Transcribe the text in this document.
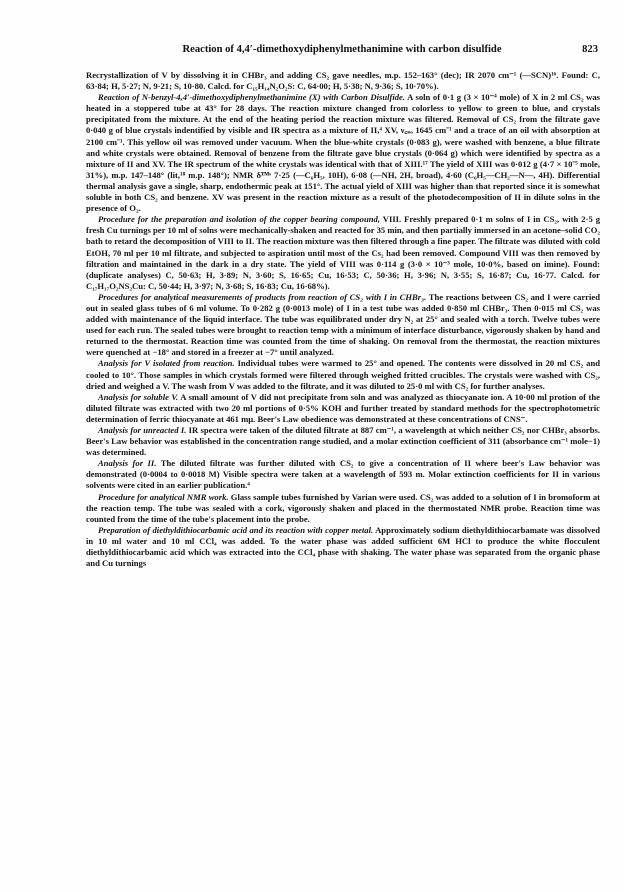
Reaction of 4,4′-dimethoxydiphenylmethanimine with carbon disulfide	823

Recrystallization of V by dissolving it in CHBr₃ and adding CS₂ gave needles, m.p. 152–163° (dec); IR 2070 cm⁻¹ (—SCN)¹⁶. Found: C, 63·84; H, 5·27; N, 9·21; S, 10·80. Calcd. for C₁₅H₁₄N₂O₂S: C, 64·00; H, 5·38; N, 9·36; S, 10·70%).

Reaction of N-benzyl-4,4′-dimethoxydiphenylmethanimine (X) with Carbon Disulfide. A soln of 0·1 g (3 × 10⁻⁴ mole) of X in 2 ml CS₂ was heated in a stoppered tube at 43° for 28 days. The reaction mixture changed from colorless to yellow to green to blue, and crystals precipitated from the mixture. At the end of the heating period the reaction mixture was filtered. Removal of CS₂ from the filtrate gave 0·040 g of blue crystals indentified by visible and IR spectra as a mixture of II,⁴ XV, ν꜀₌ₒ 1645 cm⁻¹ and a trace of an oil with absorption at 2100 cm⁻¹. This yellow oil was removed under vacuum. When the blue-white crystals (0·083 g), were washed with benzene, a blue filtrate and white crystals were obtained. Removal of benzene from the filtrate gave blue crystals (0·064 g) which were identified by spectra as a mixture of II and XV. The IR spectrum of the white crystals was identical with that of XIII.¹⁷ The yield of XIII was 0·012 g (4·7 × 10⁻⁵ mole, 31%), m.p. 147–148° (lit,¹⁸ m.p. 148°); NMR δᵀᴹˢ 7·25 (—C₆H₅, 10H), 6·08 (—NH, 2H, broad), 4·60 (C₆H₅—CH₂—N—, 4H). Differential thermal analysis gave a single, sharp, endothermic peak at 151°. The actual yield of XIII was higher than that reported since it is somewhat soluble in both CS₂ and benzene. XV was present in the reaction mixture as a result of the photodecomposition of II in dilute solns in the presence of O₂.

Procedure for the preparation and isolation of the copper bearing compound, VIII. Freshly prepared 0·1 m solns of I in CS₂, with 2·5 g fresh Cu turnings per 10 ml of solns were mechanically-shaken and reacted for 35 min, and then partially immersed in an acetone–solid CO₂ bath to retard the decomposition of VIII to II. The reaction mixture was then filtered through a fine paper. The filtrate was diluted with cold EtOH, 70 ml per 10 ml filtrate, and subjected to aspiration until most of the Cs₂ had been removed. Compound VIII was then removed by filtration and maintained in the dark in a dry state. The yield of VIII was 0·114 g (3·0 × 10⁻³ mole, 10·0%, based on imine). Found: (duplicate analyses) C, 50·63; H, 3·89; N, 3·60; S, 16·65; Cu, 16·53; C, 50·36; H, 3·96; N, 3·55; S, 16·87; Cu, 16·77. Calcd. for C₁₇H₁₇O₂NS₂Cu: C, 50·44; H, 3·97; N, 3·68; S, 16·83; Cu, 16·68%).

Procedures for analytical measurements of products from reaction of CS₂ with I in CHBr₃. The reactions between CS₂ and I were carried out in sealed glass tubes of 6 ml volume. To 0·282 g (0·0013 mole) of I in a test tube was added 0·850 ml CHBr₃. Then 0·015 ml CS₂ was added with maintenance of the liquid interface. The tube was equilibrated under dry N₂ at 25° and sealed with a torch. Twelve tubes were used for each run. The sealed tubes were brought to reaction temp with a minimum of interface disturbance, vigorously shaken by hand and returned to the thermostat. Reaction time was counted from the time of shaking. On removal from the thermostat, the reaction mixtures were quenched at −18° and stored in a freezer at −7° until analyzed.

Analysis for V isolated from reaction. Individual tubes were warmed to 25° and opened. The contents were dissolved in 20 ml CS₂ and cooled to 10°. Those samples in which crystals formed were filtered through weighed fritted crucibles. The crystals were washed with CS₂, dried and weighed a V. The wash from V was added to the filtrate, and it was diluted to 25·0 ml with CS₂ for further analyses.

Analysis for soluble V. A small amount of V did not precipitate from soln and was analyzed as thiocyanate ion. A 10·00 ml protion of the diluted filtrate was extracted with two 20 ml portions of 0·5% KOH and further treated by standard methods for the spectrophotometric determination of ferric thiocyanate at 461 mμ. Beer's Law obedience was demonstrated at these concentrations of CNS⁻.

Analysis for unreacted I. IR spectra were taken of the diluted filtrate at 887 cm⁻¹, a wavelength at which neither CS₂ nor CHBr₃ absorbs. Beer's Law behavior was established in the concentration range studied, and a molar extinction coefficient of 311 (absorbance cm⁻¹ mole−1) was determined.

Analysis for II. The diluted filtrate was further diluted with CS₂ to give a concentration of II where beer's Law behavior was demonstrated (0·0004 to 0·0018 M) Visible spectra were taken at a wavelength of 593 m. Molar extinction coefficients for II in various solvents were cited in an earlier publication.⁴

Procedure for analytical NMR work. Glass sample tubes furnished by Varian were used. CS₂ was added to a solution of I in bromoform at the reaction temp. The tube was sealed with a cork, vigorously shaken and placed in the thermostated NMR probe. Reaction time was counted from the time of the tube's placement into the probe.

Preparation of diethyldithiocarbamic acid and its reaction with copper metal. Approximately sodium diethyldithiocarbamate was dissolved in 10 ml water and 10 ml CCl₄ was added. To the water phase was added sufficient 6M HCl to produce the white flocculent diethyldithiocarbamic acid which was extracted into the CCl₄ phase with shaking. The water phase was separated from the organic phase and Cu turnings
